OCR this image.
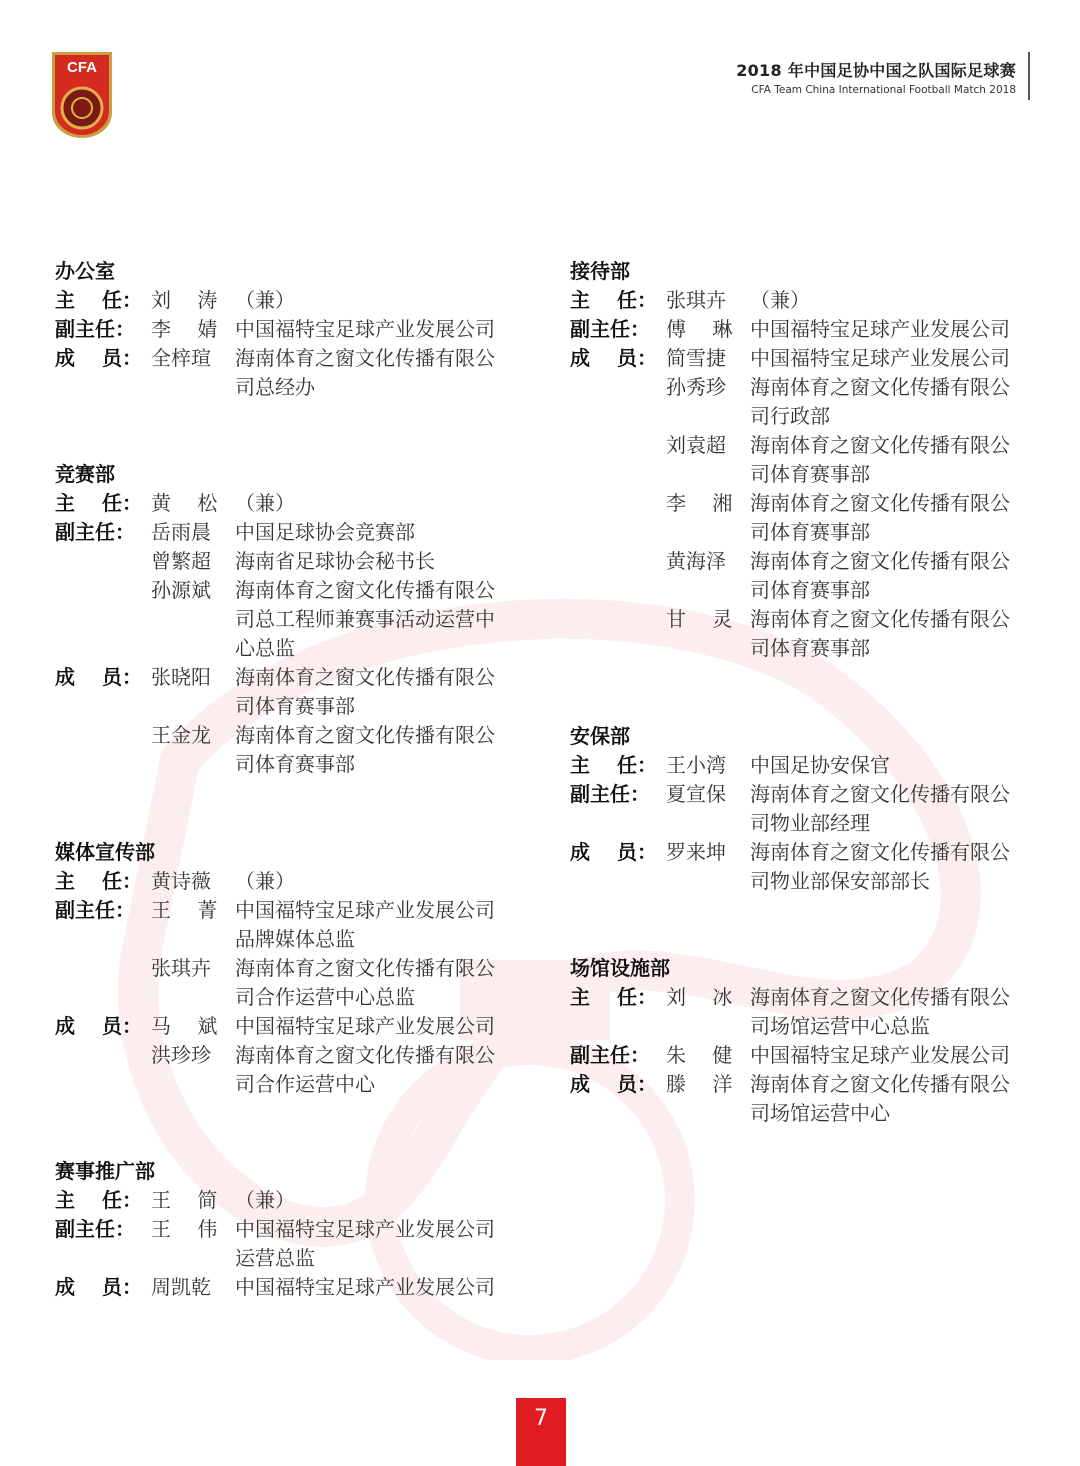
CFA	2018 年中国足协中国之队国际足球赛
CFA Team China International Football Match 2018
办公室
主　 任： 刘　 涛 （兼）
副主任： 李　 婧 中国福特宝足球产业发展公司
成　 员： 全梓瑄	海南体育之窗文化传播有限公
司总经办
竞赛部
主　 任： 黄　 松 （兼）
副主任： 岳雨晨	中国足球协会竞赛部
曾繁超	海南省足球协会秘书长
孙源斌	海南体育之窗文化传播有限公
司总工程师兼赛事活动运营中
心总监
成　 员： 张晓阳	海南体育之窗文化传播有限公
司体育赛事部
王金龙	海南体育之窗文化传播有限公
司体育赛事部
媒体宣传部
主　 任： 黄诗薇	（兼）
副主任： 王　 菁 中国福特宝足球产业发展公司
品牌媒体总监
张琪卉	海南体育之窗文化传播有限公
司合作运营中心总监
成　 员： 马　 斌 中国福特宝足球产业发展公司
洪珍珍	海南体育之窗文化传播有限公
司合作运营中心
赛事推广部
主　 任： 王　 简 （兼）
副主任： 王　 伟 中国福特宝足球产业发展公司
运营总监
成　 员： 周凯乾	中国福特宝足球产业发展公司
接待部
主　 任： 张琪卉	（兼）
副主任： 傅　 琳 中国福特宝足球产业发展公司
成　 员： 简雪捷	中国福特宝足球产业发展公司
孙秀珍	海南体育之窗文化传播有限公
司行政部
刘袁超	海南体育之窗文化传播有限公
司体育赛事部
李　 湘 海南体育之窗文化传播有限公
司体育赛事部
黄海泽	海南体育之窗文化传播有限公
司体育赛事部
甘　 灵 海南体育之窗文化传播有限公
司体育赛事部
安保部
主　 任： 王小湾	中国足协安保官
副主任： 夏宣保	海南体育之窗文化传播有限公
司物业部经理
成　 员： 罗来坤	海南体育之窗文化传播有限公
司物业部保安部部长
场馆设施部
主　 任： 刘　 冰 海南体育之窗文化传播有限公
司场馆运营中心总监
副主任： 朱　 健 中国福特宝足球产业发展公司
成　 员： 滕　 洋 海南体育之窗文化传播有限公
司场馆运营中心
7
